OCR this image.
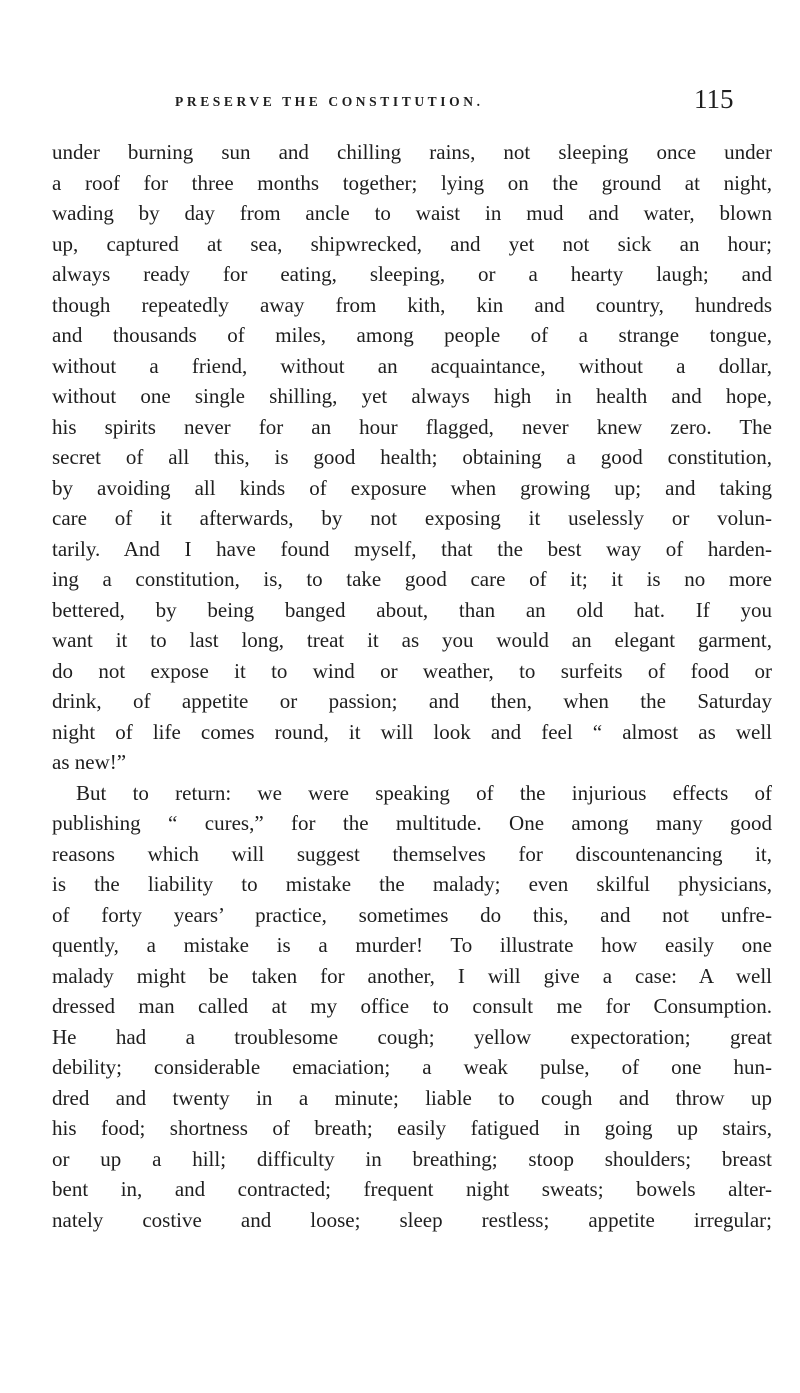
PRESERVE THE CONSTITUTION.	115
under burning sun and chilling rains, not sleeping once under
a roof for three months together; lying on the ground at night,
wading by day from ancle to waist in mud and water, blown
up, captured at sea, shipwrecked, and yet not sick an hour;
always ready for eating, sleeping, or a hearty laugh; and
though repeatedly away from kith, kin and country, hundreds
and thousands of miles, among people of a strange tongue,
without a friend, without an acquaintance, without a dollar,
without one single shilling, yet always high in health and hope,
his spirits never for an hour flagged, never knew zero. The
secret of all this, is good health; obtaining a good constitution,
by avoiding all kinds of exposure when growing up; and taking
care of it afterwards, by not exposing it uselessly or volun-
tarily. And I have found myself, that the best way of harden-
ing a constitution, is, to take good care of it; it is no more
bettered, by being banged about, than an old hat. If you
want it to last long, treat it as you would an elegant garment,
do not expose it to wind or weather, to surfeits of food or
drink, of appetite or passion; and then, when the Saturday
night of life comes round, it will look and feel “ almost as well
as new!”
But to return: we were speaking of the injurious effects of
publishing “ cures,” for the multitude. One among many good
reasons which will suggest themselves for discountenancing it,
is the liability to mistake the malady; even skilful physicians,
of forty years’ practice, sometimes do this, and not unfre-
quently, a mistake is a murder! To illustrate how easily one
malady might be taken for another, I will give a case: A well
dressed man called at my office to consult me for Consumption.
He had a troublesome cough; yellow expectoration; great
debility; considerable emaciation; a weak pulse, of one hun-
dred and twenty in a minute; liable to cough and throw up
his food; shortness of breath; easily fatigued in going up stairs,
or up a hill; difficulty in breathing; stoop shoulders; breast
bent in, and contracted; frequent night sweats; bowels alter-
nately costive and loose; sleep restless; appetite irregular;
